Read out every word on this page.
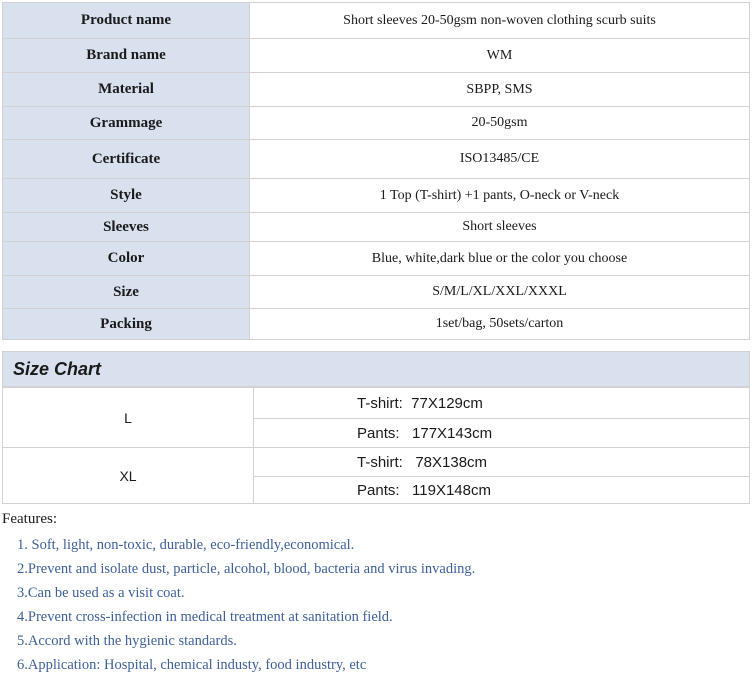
Product name	Short sleeves 20-50gsm non-woven clothing scurb suits
Brand name	WM
Material	SBPP, SMS
Grammage	20-50gsm
Certificate	ISO13485/CE
Style	1 Top (T-shirt) +1 pants, O-neck or V-neck
Sleeves	Short sleeves
Color	Blue, white,dark blue or the color you choose
Size	S/M/L/XL/XXL/XXXL
Packing	1set/bag, 50sets/carton
Size Chart
L	T-shirt:  77X129cm
	Pants:   177X143cm
XL	T-shirt:   78X138cm
	Pants:   119X148cm
Features:
1. Soft, light, non-toxic, durable, eco-friendly,economical.
2.Prevent and isolate dust, particle, alcohol, blood, bacteria and virus invading.
3.Can be used as a visit coat.
4.Prevent cross-infection in medical treatment at sanitation field.
5.Accord with the hygienic standards.
6.Application: Hospital, chemical industy, food industry, etc
